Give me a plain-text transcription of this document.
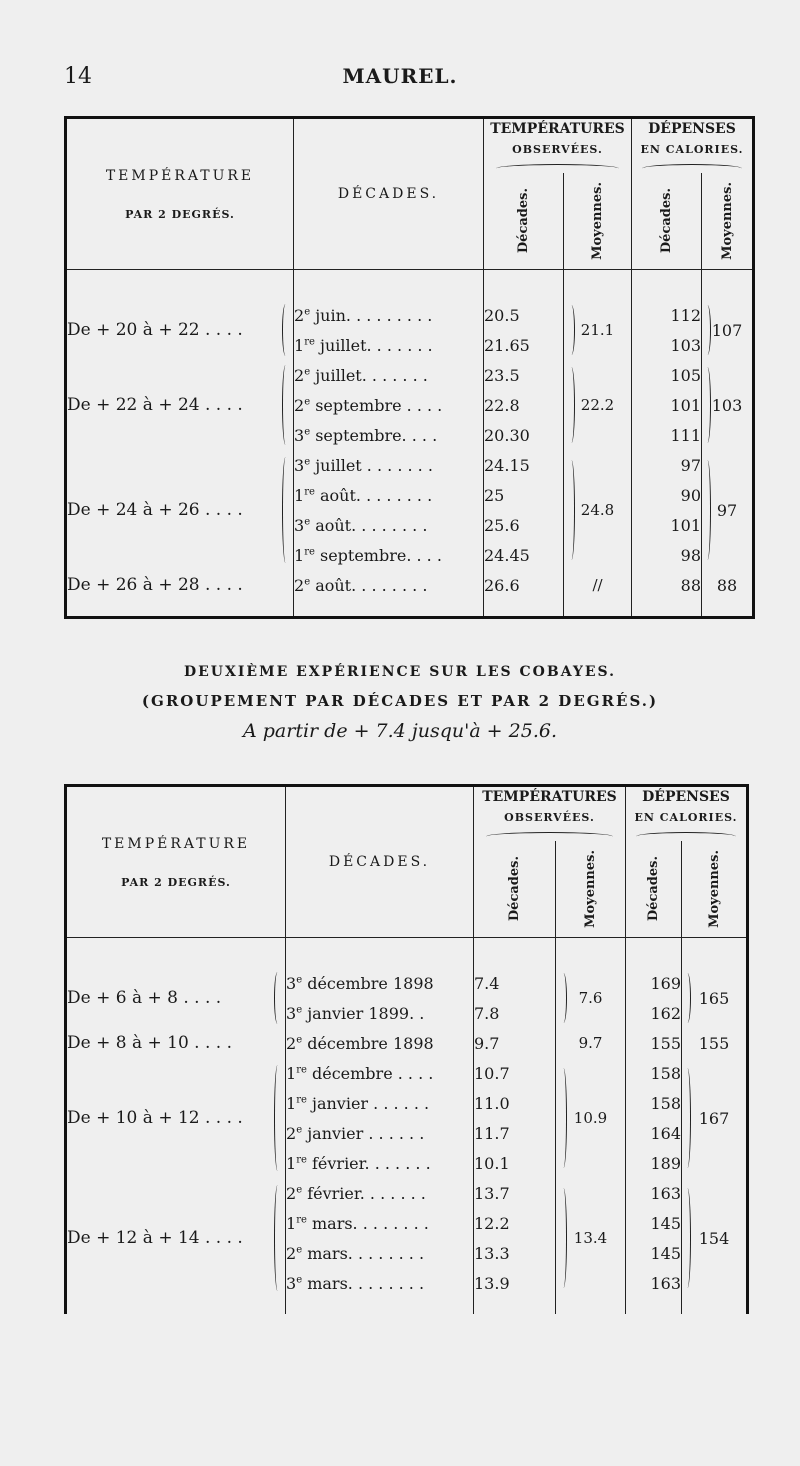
14	MAUREL.
TEMPÉRATURE
PAR 2 DEGRÉS.	DÉCADES.	TEMPÉRATURES
OBSERVÉES.		DÉPENSES
EN CALORIES.	

		Décades.	Moyennes.	Décades.	Moyennes.

De + 20 à + 22 . . . .	2e juin. . . . . . . . .	20.5	21.1	112	107

	1re juillet. . . . . . .	21.65		103	
De + 22 à + 24 . . . .	2e juillet. . . . . . .	23.5	22.2	105	103

	2e septembre . . . .	22.8		101	
	3e septembre. . . .	20.30		111	
De + 24 à + 26 . . . .	3e juillet . . . . . . .	24.15	24.8	97	97

	1re août. . . . . . . .	25		90	
	3e août. . . . . . . .	25.6		101	
	1re septembre. . . .	24.45		98	
De + 26 à + 28 . . . .	2e août. . . . . . . .	26.6	//	88	88

DEUXIÈME EXPÉRIENCE SUR LES COBAYES.
(GROUPEMENT PAR DÉCADES ET PAR 2 DEGRÉS.)
A partir de + 7.4 jusqu'à + 25.6.
TEMPÉRATURE
PAR 2 DEGRÉS.	DÉCADES.	TEMPÉRATURES
OBSERVÉES.		DÉPENSES
EN CALORIES.	

		Décades.	Moyennes.	Décades.	Moyennes.

De + 6 à + 8 . . . .	3e décembre 1898	7.4	7.6	169	165

	3e janvier 1899. .	7.8		162	
De + 8 à + 10 . . . .	2e décembre 1898	9.7	9.7	155	155
De + 10 à + 12 . . . .	1re décembre . . . .	10.7	10.9	158	167

	1re janvier . . . . . .	11.0		158	
	2e janvier . . . . . .	11.7		164	
	1re février. . . . . . .	10.1		189	
De + 12 à + 14 . . . .	2e février. . . . . . .	13.7	13.4	163	154

	1re mars. . . . . . . .	12.2		145	
	2e mars. . . . . . . .	13.3		145	
	3e mars. . . . . . . .	13.9		163	
